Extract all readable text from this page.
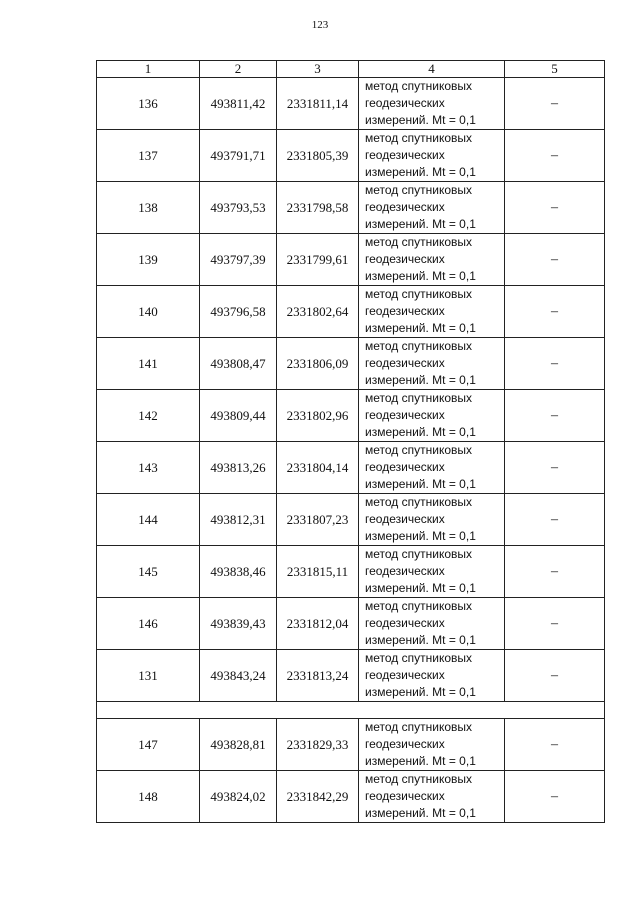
123
1	2	3	4	5
136	493811,42	2331811,14	метод спутниковых
геодезических
измерений. Mt = 0,1	–
137	493791,71	2331805,39	метод спутниковых
геодезических
измерений. Mt = 0,1	–
138	493793,53	2331798,58	метод спутниковых
геодезических
измерений. Mt = 0,1	–
139	493797,39	2331799,61	метод спутниковых
геодезических
измерений. Mt = 0,1	–
140	493796,58	2331802,64	метод спутниковых
геодезических
измерений. Mt = 0,1	–
141	493808,47	2331806,09	метод спутниковых
геодезических
измерений. Mt = 0,1	–
142	493809,44	2331802,96	метод спутниковых
геодезических
измерений. Mt = 0,1	–
143	493813,26	2331804,14	метод спутниковых
геодезических
измерений. Mt = 0,1	–
144	493812,31	2331807,23	метод спутниковых
геодезических
измерений. Mt = 0,1	–
145	493838,46	2331815,11	метод спутниковых
геодезических
измерений. Mt = 0,1	–
146	493839,43	2331812,04	метод спутниковых
геодезических
измерений. Mt = 0,1	–
131	493843,24	2331813,24	метод спутниковых
геодезических
измерений. Mt = 0,1	–

147	493828,81	2331829,33	метод спутниковых
геодезических
измерений. Mt = 0,1	–
148	493824,02	2331842,29	метод спутниковых
геодезических
измерений. Mt = 0,1	–
